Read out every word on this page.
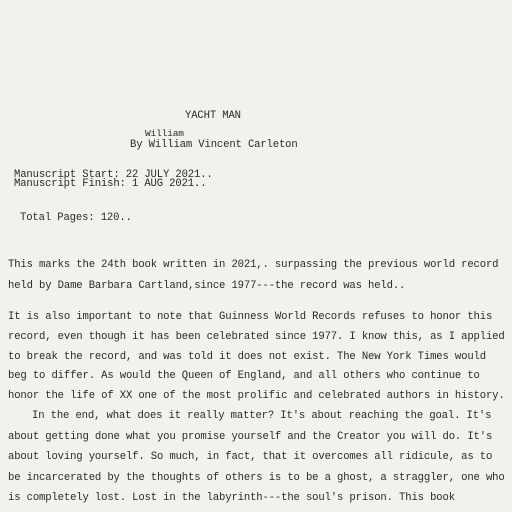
YACHT MAN
William
By William Vincent Carleton
Manuscript Start: 22 JULY 2021..
Manuscript Finish: 1 AUG 2021..
Total Pages: 120..
This marks the 24th book written in 2021,. surpassing the previous world record
held by Dame Barbara Cartland,since 1977---the record was held..
It is also important to note that Guinness World Records refuses to honor this
record, even though it has been celebrated since 1977. I know this, as I applied
to break the record, and was told it does not exist. The New York Times would
beg to differ. As would the Queen of England, and all others who continue to
honor the life of XX one of the most prolific and celebrated authors in history.
In the end, what does it really matter? It's about reaching the goal. It's
about getting done what you promise yourself and the Creator you will do. It's
about loving yourself. So much, in fact, that it overcomes all ridicule, as to
be incarcerated by the thoughts of others is to be a ghost, a straggler, one who
is completely lost. Lost in the labyrinth---the soul's prison. This book
